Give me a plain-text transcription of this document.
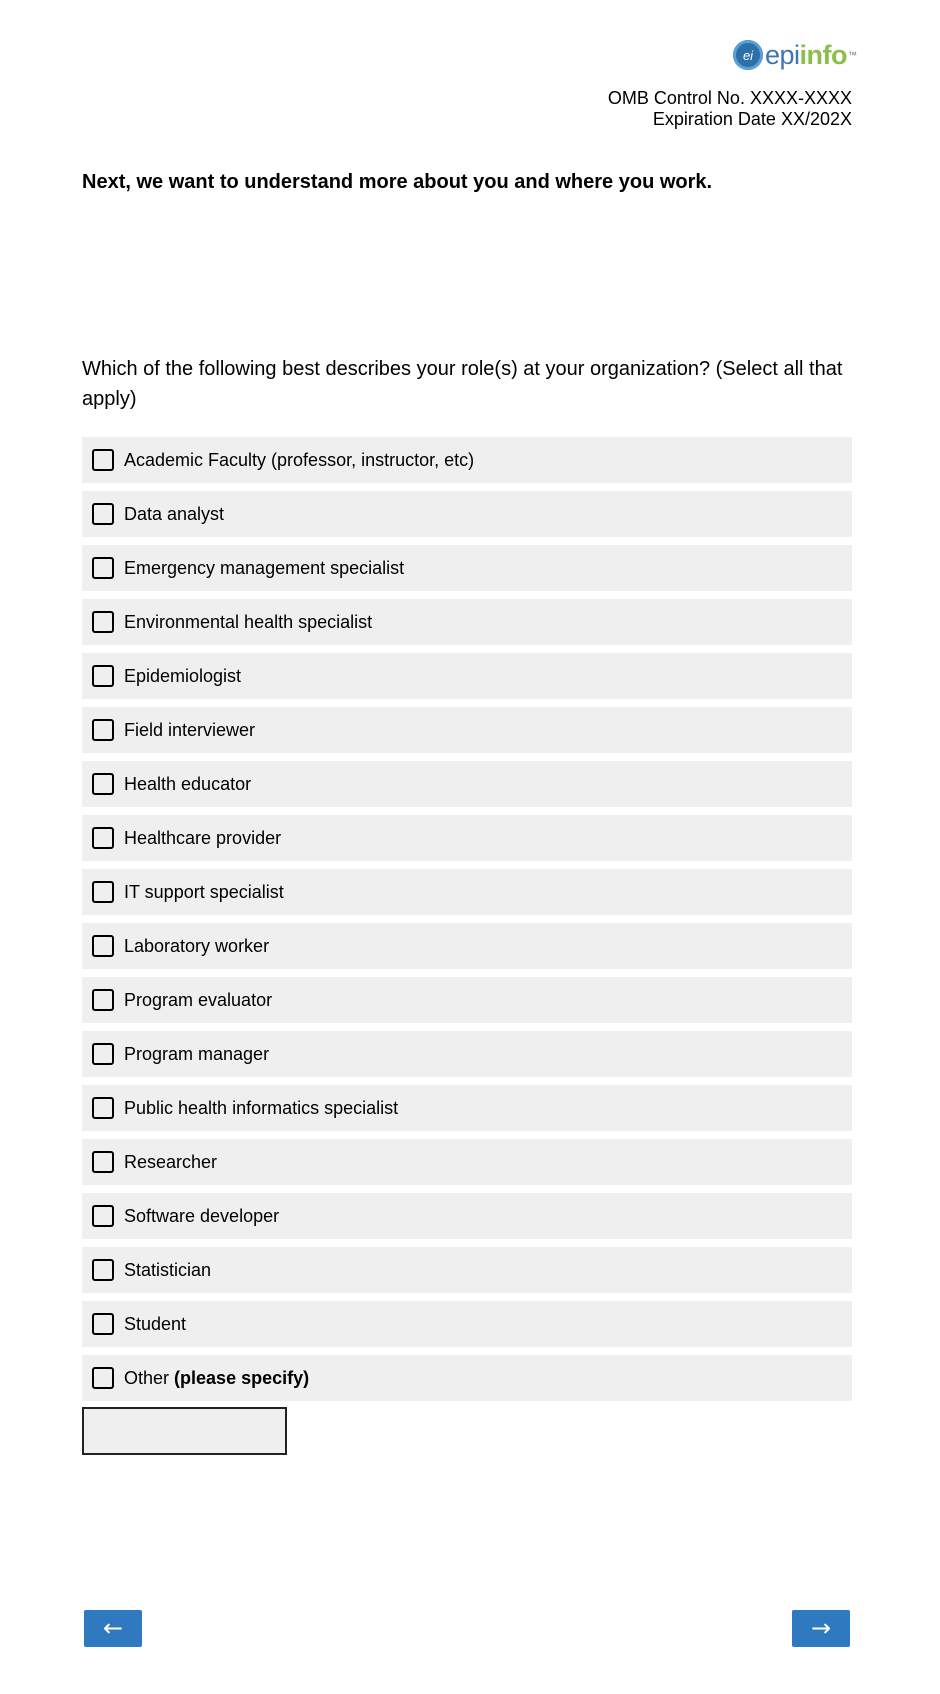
ei epiinfo™
OMB Control No. XXXX-XXXX
Expiration Date XX/202X
Next, we want to understand more about you and where you work.
Which of the following best describes your role(s) at your organization? (Select all that apply)
Academic Faculty (professor, instructor, etc)
Data analyst
Emergency management specialist
Environmental health specialist
Epidemiologist
Field interviewer
Health educator
Healthcare provider
IT support specialist
Laboratory worker
Program evaluator
Program manager
Public health informatics specialist
Researcher
Software developer
Statistician
Student
Other (please specify)
←	→
